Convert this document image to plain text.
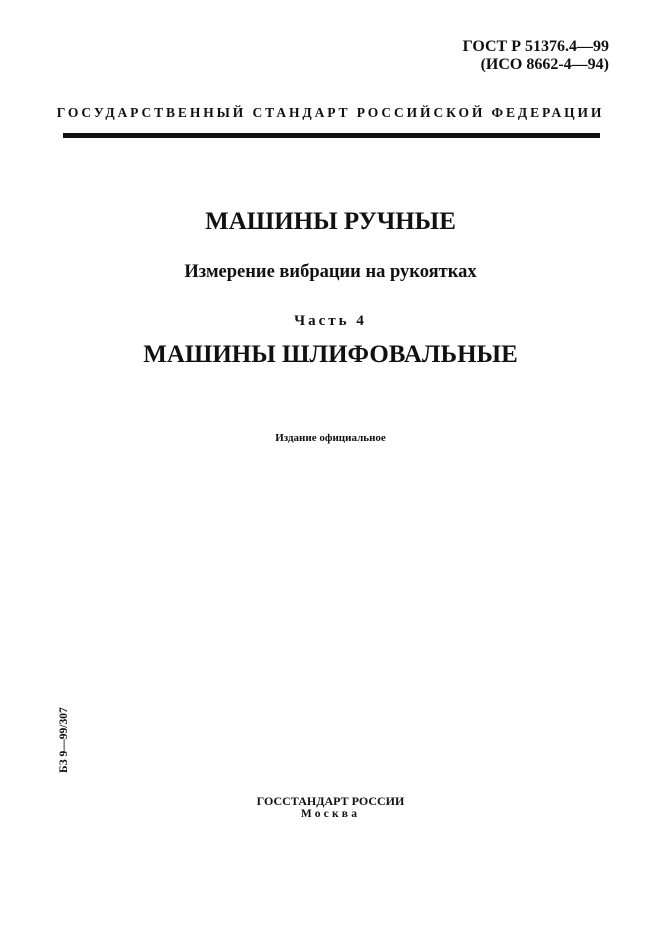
ГОСТ Р 51376.4—99
(ИСО 8662-4—94)
ГОСУДАРСТВЕННЫЙ СТАНДАРТ РОССИЙСКОЙ ФЕДЕРАЦИИ
МАШИНЫ РУЧНЫЕ
Измерение вибрации на рукоятках
Часть 4
МАШИНЫ ШЛИФОВАЛЬНЫЕ
Издание официальное
БЗ 9—99/307
ГОССТАНДАРТ РОССИИ
Москва
